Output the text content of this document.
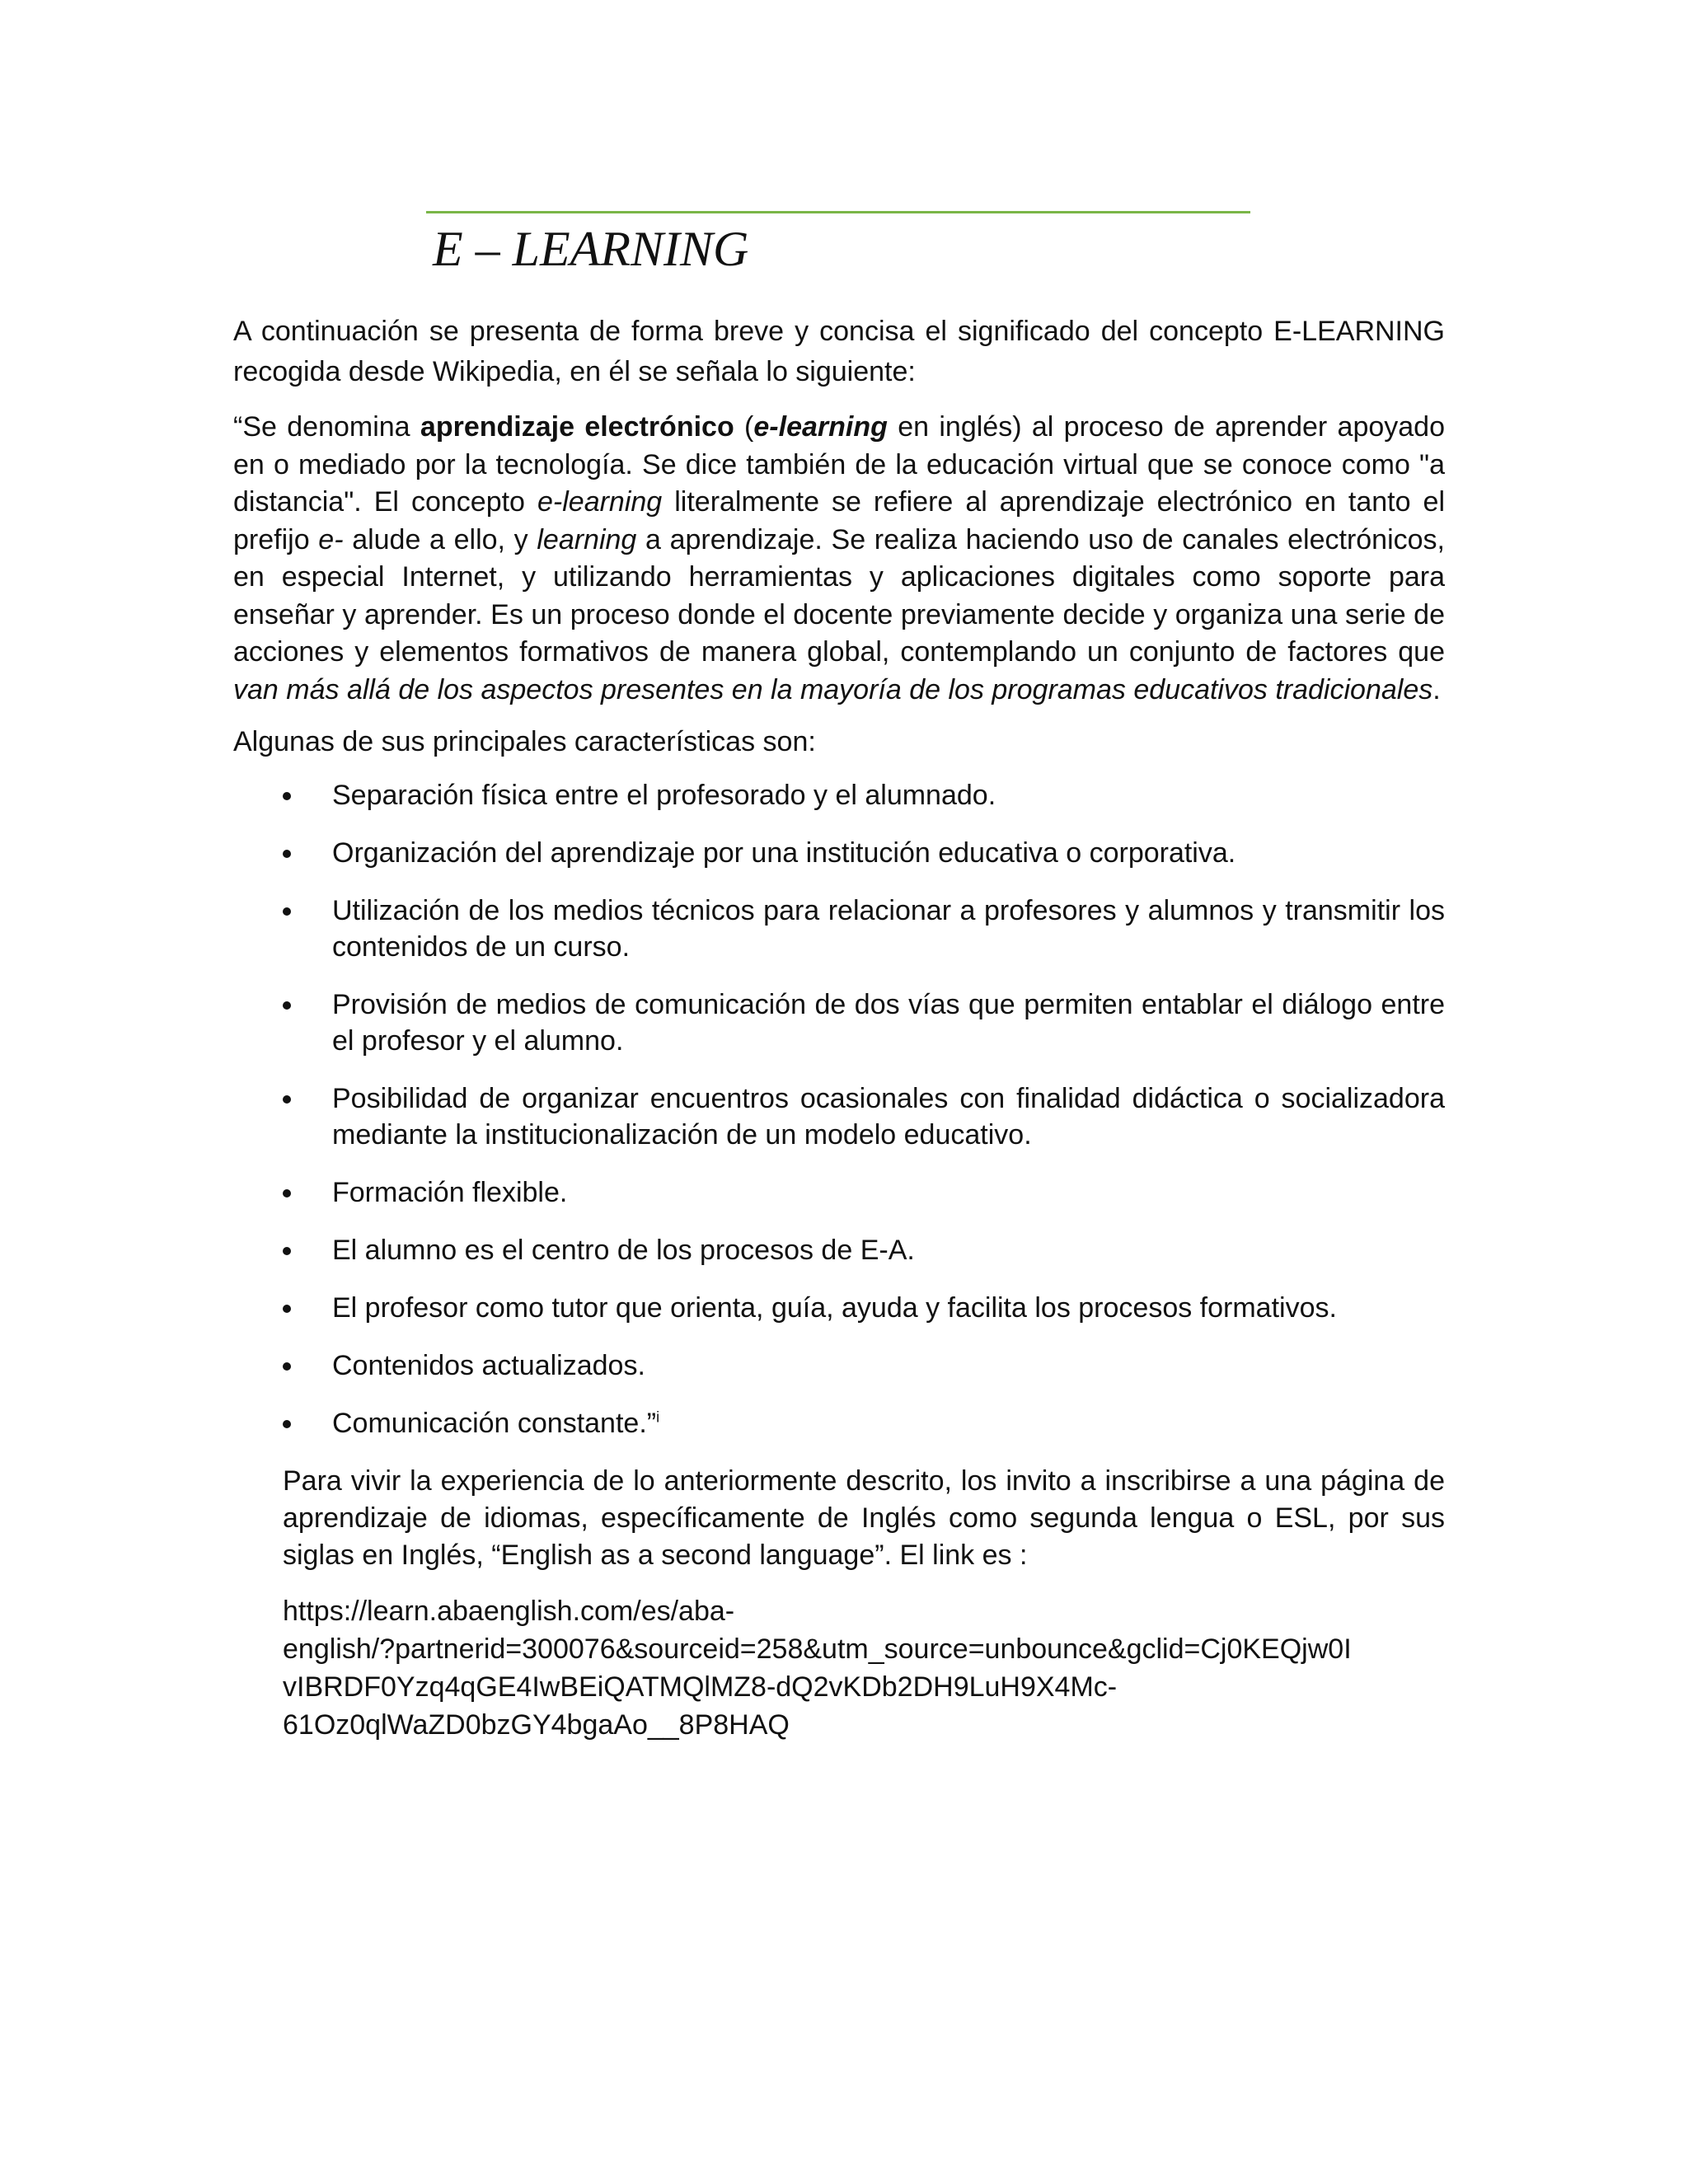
E – LEARNING

A continuación se presenta de forma breve y concisa el significado del concepto E-LEARNING recogida desde Wikipedia, en él se señala lo siguiente:

“Se denomina aprendizaje electrónico (e-learning en inglés) al proceso de aprender apoyado en o mediado por la tecnología. Se dice también de la educación virtual que se conoce como "a distancia". El concepto e-learning literalmente se refiere al aprendizaje electrónico en tanto el prefijo e- alude a ello, y learning a aprendizaje. Se realiza haciendo uso de canales electrónicos, en especial Internet, y utilizando herramientas y aplicaciones digitales como soporte para enseñar y aprender. Es un proceso donde el docente previamente decide y organiza una serie de acciones y elementos formativos de manera global, contemplando un conjunto de factores que van más allá de los aspectos presentes en la mayoría de los programas educativos tradicionales.

Algunas de sus principales características son:

Separación física entre el profesorado y el alumnado.
Organización del aprendizaje por una institución educativa o corporativa.
Utilización de los medios técnicos para relacionar a profesores y alumnos y transmitir los contenidos de un curso.
Provisión de medios de comunicación de dos vías que permiten entablar el diálogo entre el profesor y el alumno.
Posibilidad de organizar encuentros ocasionales con finalidad didáctica o socializadora mediante la institucionalización de un modelo educativo.
Formación flexible.
El alumno es el centro de los procesos de E-A.
El profesor como tutor que orienta, guía, ayuda y facilita los procesos formativos.
Contenidos actualizados.
Comunicación constante.”$^i$

Para vivir la experiencia de lo anteriormente descrito, los invito a inscribirse a una página de aprendizaje de idiomas, específicamente de Inglés como segunda lengua o ESL, por sus siglas en Inglés, “English as a second language”. El link es :

https://learn.abaenglish.com/es/aba-
english/?partnerid=300076&sourceid=258&utm_source=unbounce&gclid=Cj0KEQjw0I
vIBRDF0Yzq4qGE4IwBEiQATMQlMZ8-dQ2vKDb2DH9LuH9X4Mc-
61Oz0qlWaZD0bzGY4bgaAo__8P8HAQ
